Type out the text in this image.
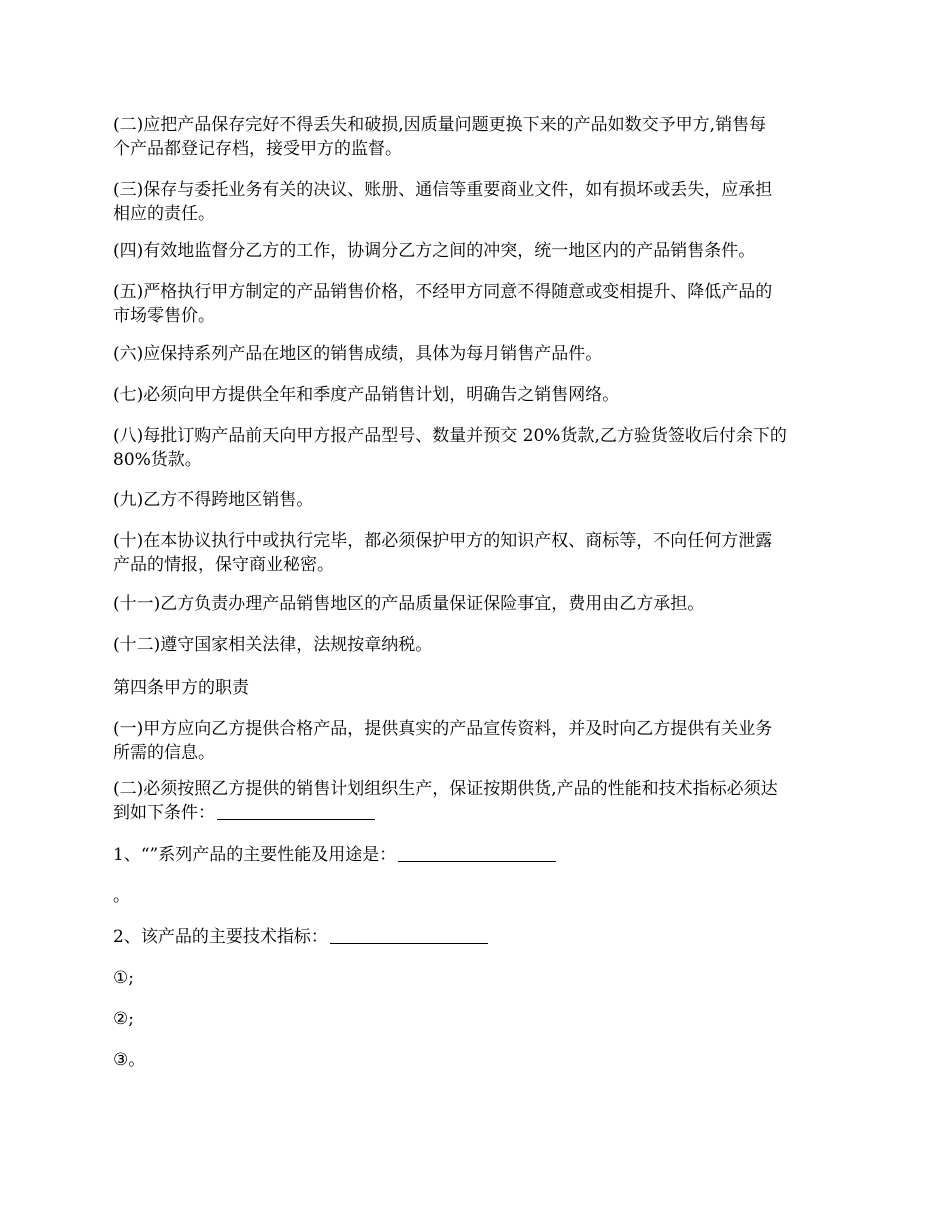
(二)应把产品保存完好不得丢失和破损,因质量问题更换下来的产品如数交予甲方,销售每
个产品都登记存档，接受甲方的监督。

(三)保存与委托业务有关的决议、账册、通信等重要商业文件，如有损坏或丢失，应承担
相应的责任。

(四)有效地监督分乙方的工作，协调分乙方之间的冲突，统一地区内的产品销售条件。

(五)严格执行甲方制定的产品销售价格，不经甲方同意不得随意或变相提升、降低产品的
市场零售价。

(六)应保持系列产品在地区的销售成绩，具体为每月销售产品件。

(七)必须向甲方提供全年和季度产品销售计划，明确告之销售网络。

(八)每批订购产品前天向甲方报产品型号、数量并预交 20%货款,乙方验货签收后付余下的
80%货款。

(九)乙方不得跨地区销售。

(十)在本协议执行中或执行完毕，都必须保护甲方的知识产权、商标等，不向任何方泄露
产品的情报，保守商业秘密。

(十一)乙方负责办理产品销售地区的产品质量保证保险事宜，费用由乙方承担。

(十二)遵守国家相关法律，法规按章纳税。

第四条甲方的职责

(一)甲方应向乙方提供合格产品，提供真实的产品宣传资料，并及时向乙方提供有关业务
所需的信息。

(二)必须按照乙方提供的销售计划组织生产，保证按期供货,产品的性能和技术指标必须达
到如下条件：

1、“”系列产品的主要性能及用途是：

。

2、该产品的主要技术指标：

①;

②;

③。
